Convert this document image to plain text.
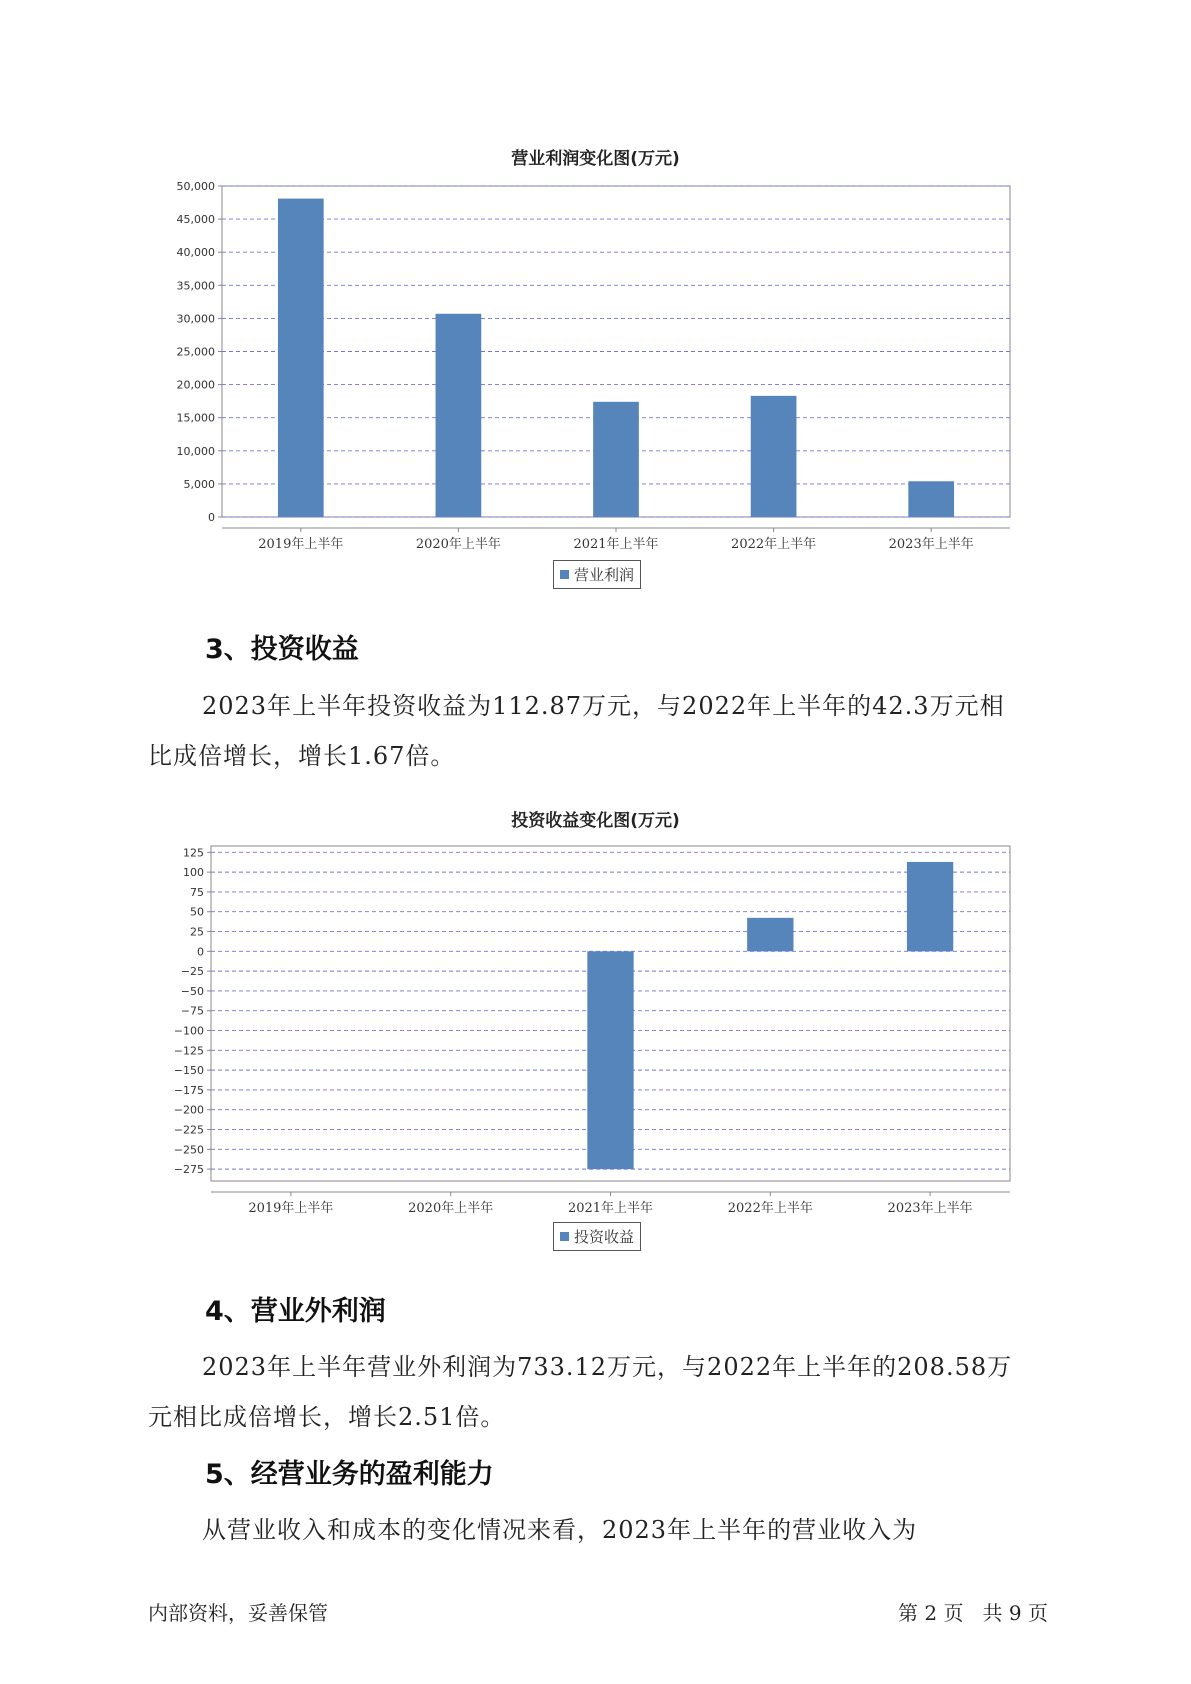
营业利润变化图(万元)
0
5,000
10,000
15,000
20,000
25,000
30,000
35,000
40,000
45,000
50,000
2019年上半年	2020年上半年	2021年上半年	2022年上半年	2023年上半年
营业利润
3、投资收益
2023年上半年投资收益为112.87万元，与2022年上半年的42.3万元相
比成倍增长，增长1.67倍。
投资收益变化图(万元)
125
100
75
50
25
0
−25
−50
−75
−100
−125
−150
−175
−200
−225
−250
−275
2019年上半年	2020年上半年	2021年上半年	2022年上半年	2023年上半年
投资收益
4、营业外利润
2023年上半年营业外利润为733.12万元，与2022年上半年的208.58万
元相比成倍增长，增长2.51倍。
5、经营业务的盈利能力
从营业收入和成本的变化情况来看，2023年上半年的营业收入为
内部资料，妥善保管	第 2 页   共 9 页
